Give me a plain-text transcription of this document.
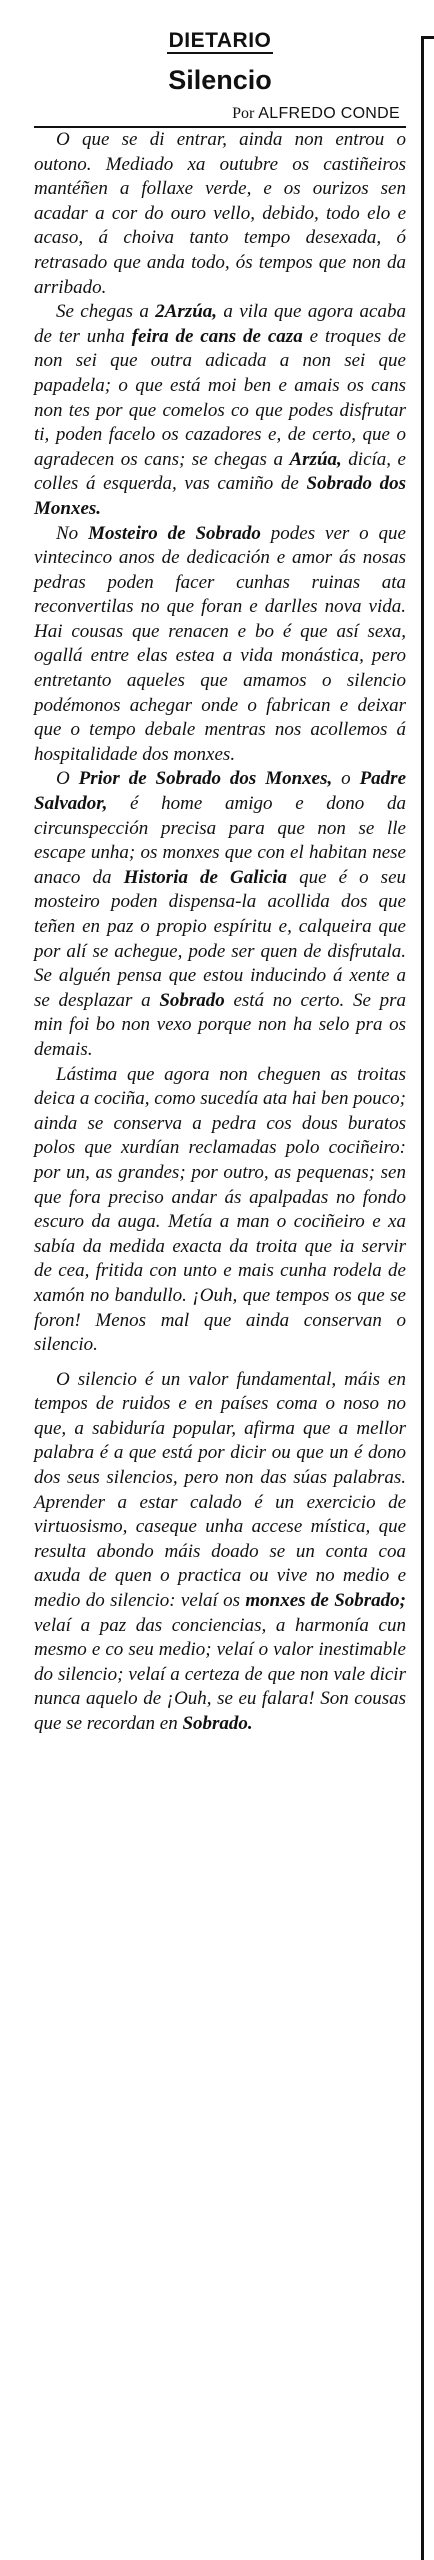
DIETARIO
Silencio
Por ALFREDO CONDE

O que se di entrar, ainda non entrou o outono. Mediado xa outubre os castiñeiros mantéñen a follaxe verde, e os ourizos sen acadar a cor do ouro vello, debido, todo elo e acaso, á choiva tanto tempo desexada, ó retrasado que anda todo, ós tempos que non da arribado.

Se chegas a 2Arzúa, a vila que agora acaba de ter unha feira de cans de caza e troques de non sei que outra adicada a non sei que papadela; o que está moi ben e amais os cans non tes por que comelos co que podes disfrutar ti, poden facelo os cazadores e, de certo, que o agradecen os cans; se chegas a Arzúa, dicía, e colles á esquerda, vas camiño de Sobrado dos Monxes.

No Mosteiro de Sobrado podes ver o que vintecinco anos de dedicación e amor ás nosas pedras poden facer cunhas ruinas ata reconvertilas no que foran e darlles nova vida. Hai cousas que renacen e bo é que así sexa, ogallá entre elas estea a vida monástica, pero entretanto aqueles que amamos o silencio podémonos achegar onde o fabrican e deixar que o tempo debale mentras nos acollemos á hospitalidade dos monxes.

O Prior de Sobrado dos Monxes, o Padre Salvador, é home amigo e dono da circunspección precisa para que non se lle escape unha; os monxes que con el habitan nese anaco da Historia de Galicia que é o seu mosteiro poden dispensa-la acollida dos que teñen en paz o propio espíritu e, calqueira que por alí se achegue, pode ser quen de disfrutala. Se alguén pensa que estou inducindo á xente a se desplazar a Sobrado está no certo. Se pra min foi bo non vexo porque non ha selo pra os demais.

Lástima que agora non cheguen as troitas deica a cociña, como sucedía ata hai ben pouco; ainda se conserva a pedra cos dous buratos polos que xurdían reclamadas polo cociñeiro: por un, as grandes; por outro, as pequenas; sen que fora preciso andar ás apalpadas no fondo escuro da auga. Metía a man o cociñeiro e xa sabía da medida exacta da troita que ia servir de cea, fritida con unto e mais cunha rodela de xamón no bandullo. ¡Ouh, que tempos os que se foron! Menos mal que ainda conservan o silencio.

O silencio é un valor fundamental, máis en tempos de ruidos e en países coma o noso no que, a sabiduría popular, afirma que a mellor palabra é a que está por dicir ou que un é dono dos seus silencios, pero non das súas palabras. Aprender a estar calado é un exercicio de virtuosismo, caseque unha accese mística, que resulta abondo máis doado se un conta coa axuda de quen o practica ou vive no medio e medio do silencio: velaí os monxes de Sobrado; velaí a paz das conciencias, a harmonía cun mesmo e co seu medio; velaí o valor inestimable do silencio; velaí a certeza de que non vale dicir nunca aquelo de ¡Ouh, se eu falara! Son cousas que se recordan en Sobrado.
